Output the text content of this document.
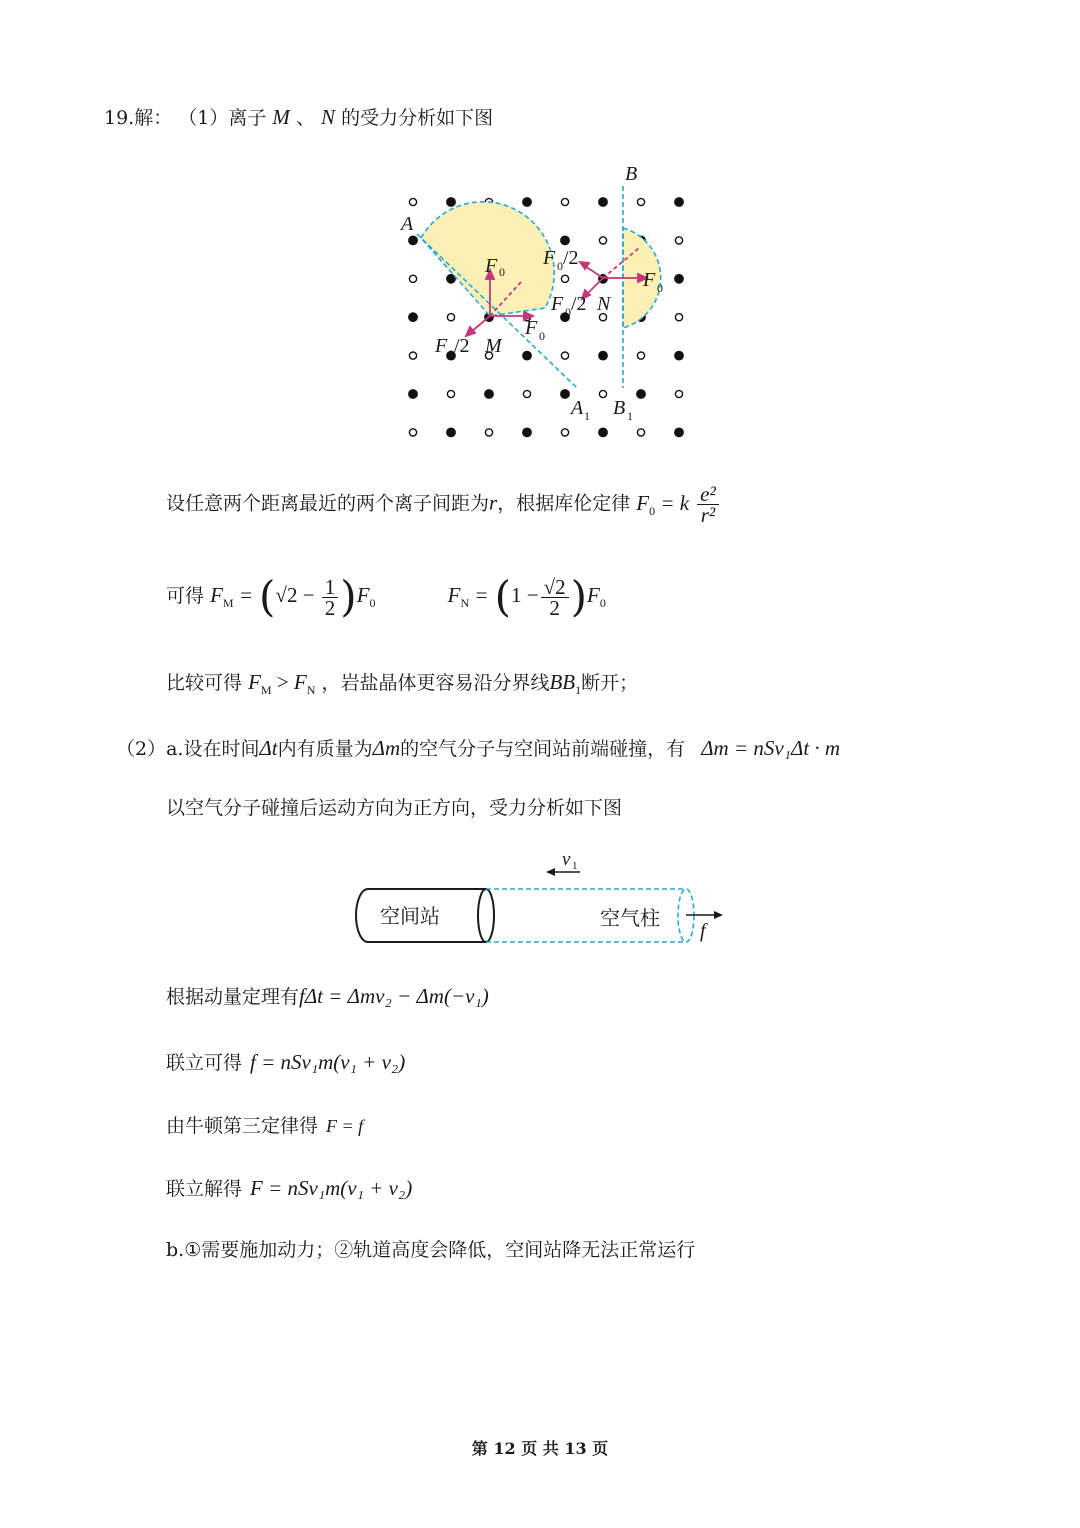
19.解： （1）离子 M 、 N 的受力分析如下图
A
B
A 1 B 1
M
N
F 0
F 0
F 0 /2
F 0 /2
F 0 /2
F 0
设任意两个距离最近的两个离子间距为r，根据库伦定律 $F_0 = k \frac{\text{e²}}{\text{r²}}$
可得 $F_M = (√2 - \frac{1}{2} )F_0$	$F_N = (1 - \frac{√2}{2} )F_0$
比较可得 $F_M > F_N$ ，岩盐晶体更容易沿分界线$BB_1$断开；
（2）a.设在时间Δt内有质量为Δm的空气分子与空间站前端碰撞，有 Δm = nSv₁Δt · m
以空气分子碰撞后运动方向为正方向，受力分析如下图
空间站	空气柱
v 1
f
根据动量定理有fΔt = Δmv₂ − Δm(−v₁)
联立可得 f = nSv₁m(v₁ + v₂)
由牛顿第三定律得 F = f
联立解得 F = nSv₁m(v₁ + v₂)
b.①需要施加动力；②轨道高度会降低，空间站降无法正常运行
第 12 页 共 13 页
